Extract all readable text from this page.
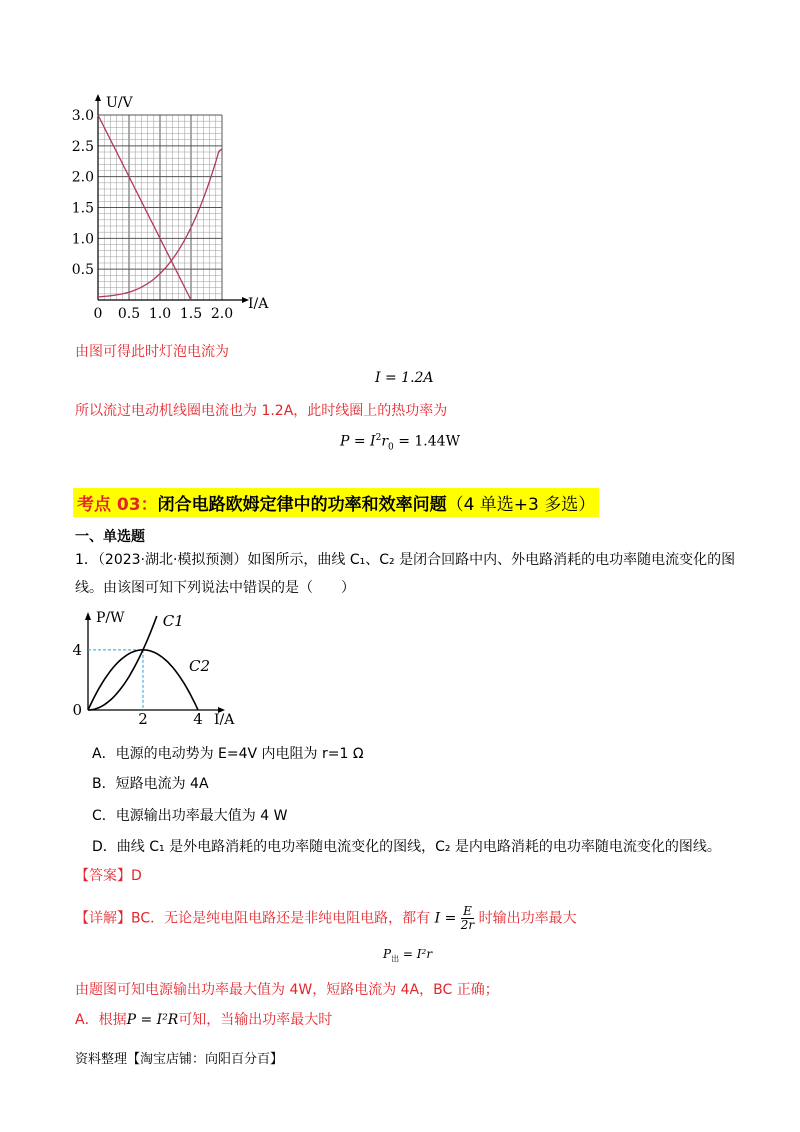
0 0.5 1.0 1.5 2.0
0.5
1.0
1.5
2.0
2.5
3.0
U/V
I/A
由图可得此时灯泡电流为
I = 1.2A
所以流过电动机线圈电流也为 1.2A，此时线圈上的热功率为
$P = I^2r_0 = 1.44W$
考点 03：闭合电路欧姆定律中的功率和效率问题（4 单选+3 多选）
一、单选题
1．（2023·湖北·模拟预测）如图所示，曲线 C₁、C₂ 是闭合回路中内、外电路消耗的电功率随电流变化的图
线。由该图可知下列说法中错误的是（　　）
C1
C2
2	4
0
4
P/W
I/A
A．电源的电动势为 E=4V 内电阻为 r=1 Ω
B．短路电流为 4A
C．电源输出功率最大值为 4 W
D．曲线 C₁ 是外电路消耗的电功率随电流变化的图线，C₂ 是内电路消耗的电功率随电流变化的图线。
【答案】D
【详解】BC．无论是纯电阻电路还是非纯电阻电路，都有 $I = \frac{E}{2r}$ 时输出功率最大
$P_出 = I^2r$
由题图可知电源输出功率最大值为 4W，短路电流为 4A，BC 正确；
A．根据P = I²R可知，当输出功率最大时
资料整理【淘宝店铺：向阳百分百】
